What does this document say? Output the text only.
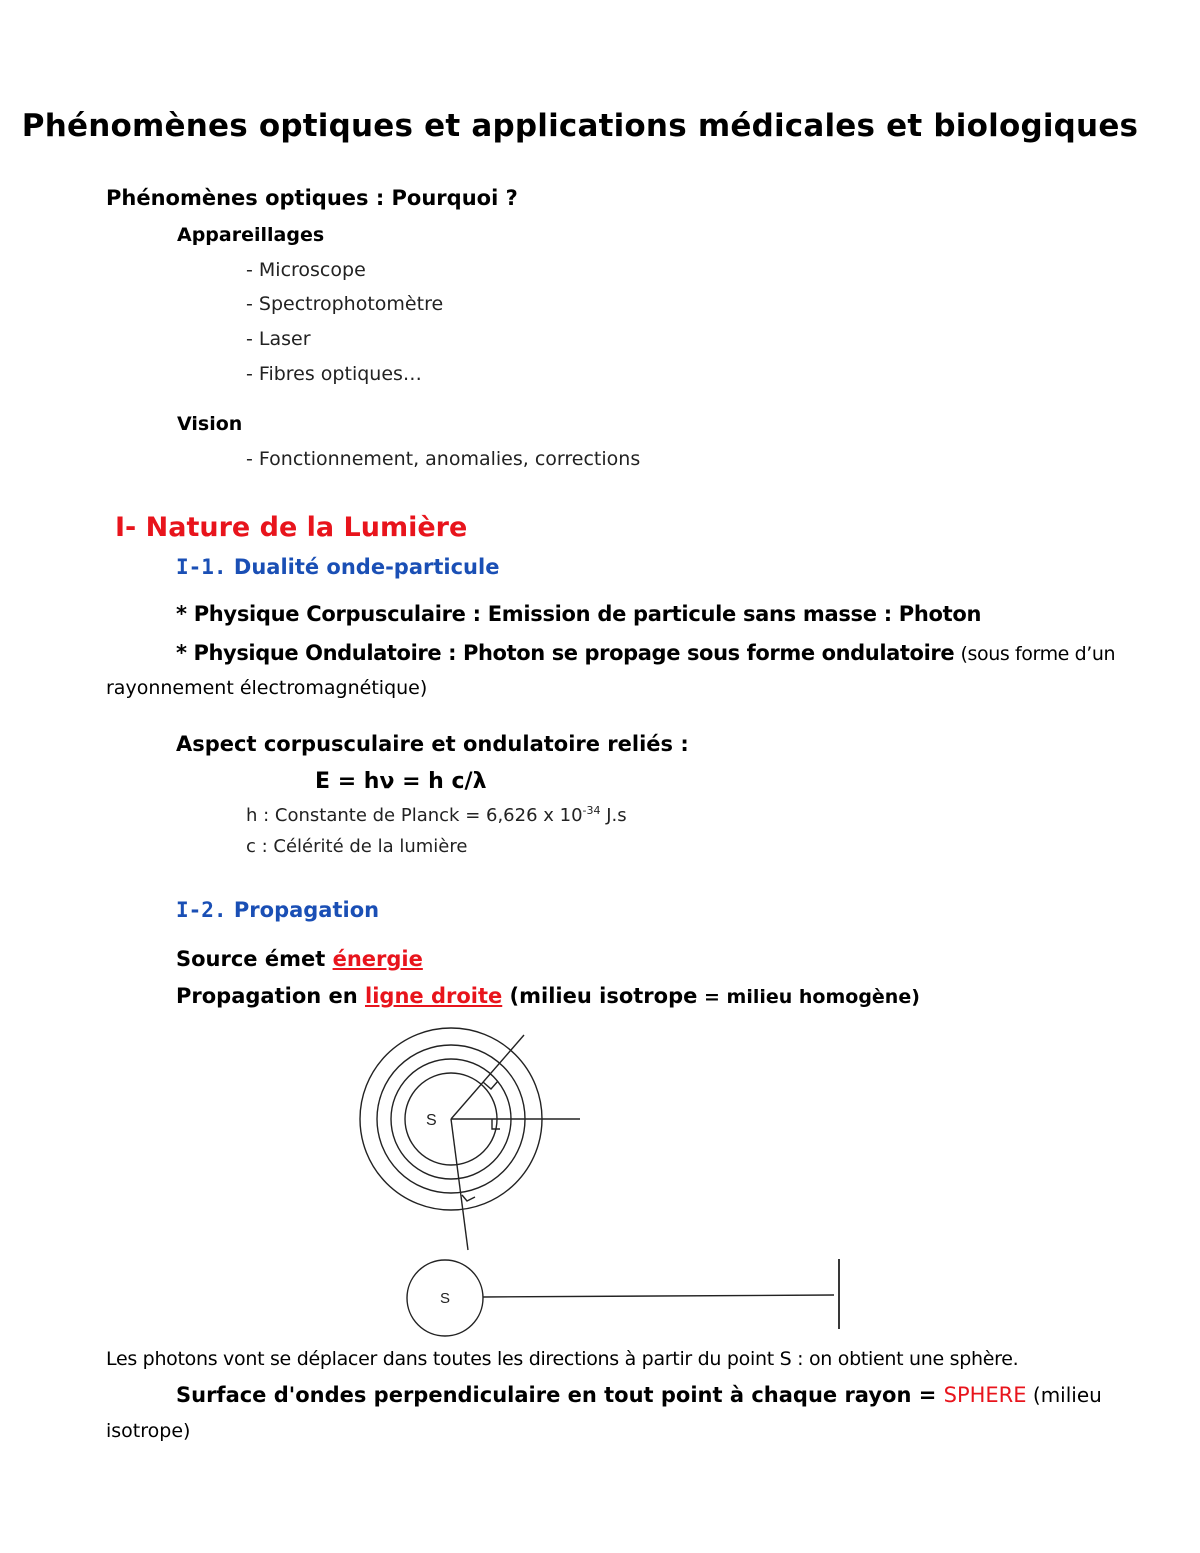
Phénomènes optiques et applications médicales et biologiques
Phénomènes optiques : Pourquoi ?
Appareillages
- Microscope
- Spectrophotomètre
- Laser
- Fibres optiques…
Vision
- Fonctionnement, anomalies, corrections
I- Nature de la Lumière
I-1. Dualité onde-particule
* Physique Corpusculaire : Emission de particule sans masse : Photon
* Physique Ondulatoire : Photon se propage sous forme ondulatoire (sous forme d’un
rayonnement électromagnétique)
Aspect corpusculaire et ondulatoire reliés :
E = hν = h c/λ
h : Constante de Planck = 6,626 x $10^{-34}$ J.s
c : Célérité de la lumière
I-2. Propagation
Source émet énergie
Propagation en ligne droite (milieu isotrope = milieu homogène)
S
S
Les photons vont se déplacer dans toutes les directions à partir du point S : on obtient une sphère.
Surface d'ondes perpendiculaire en tout point à chaque rayon = SPHERE (milieu
isotrope)
